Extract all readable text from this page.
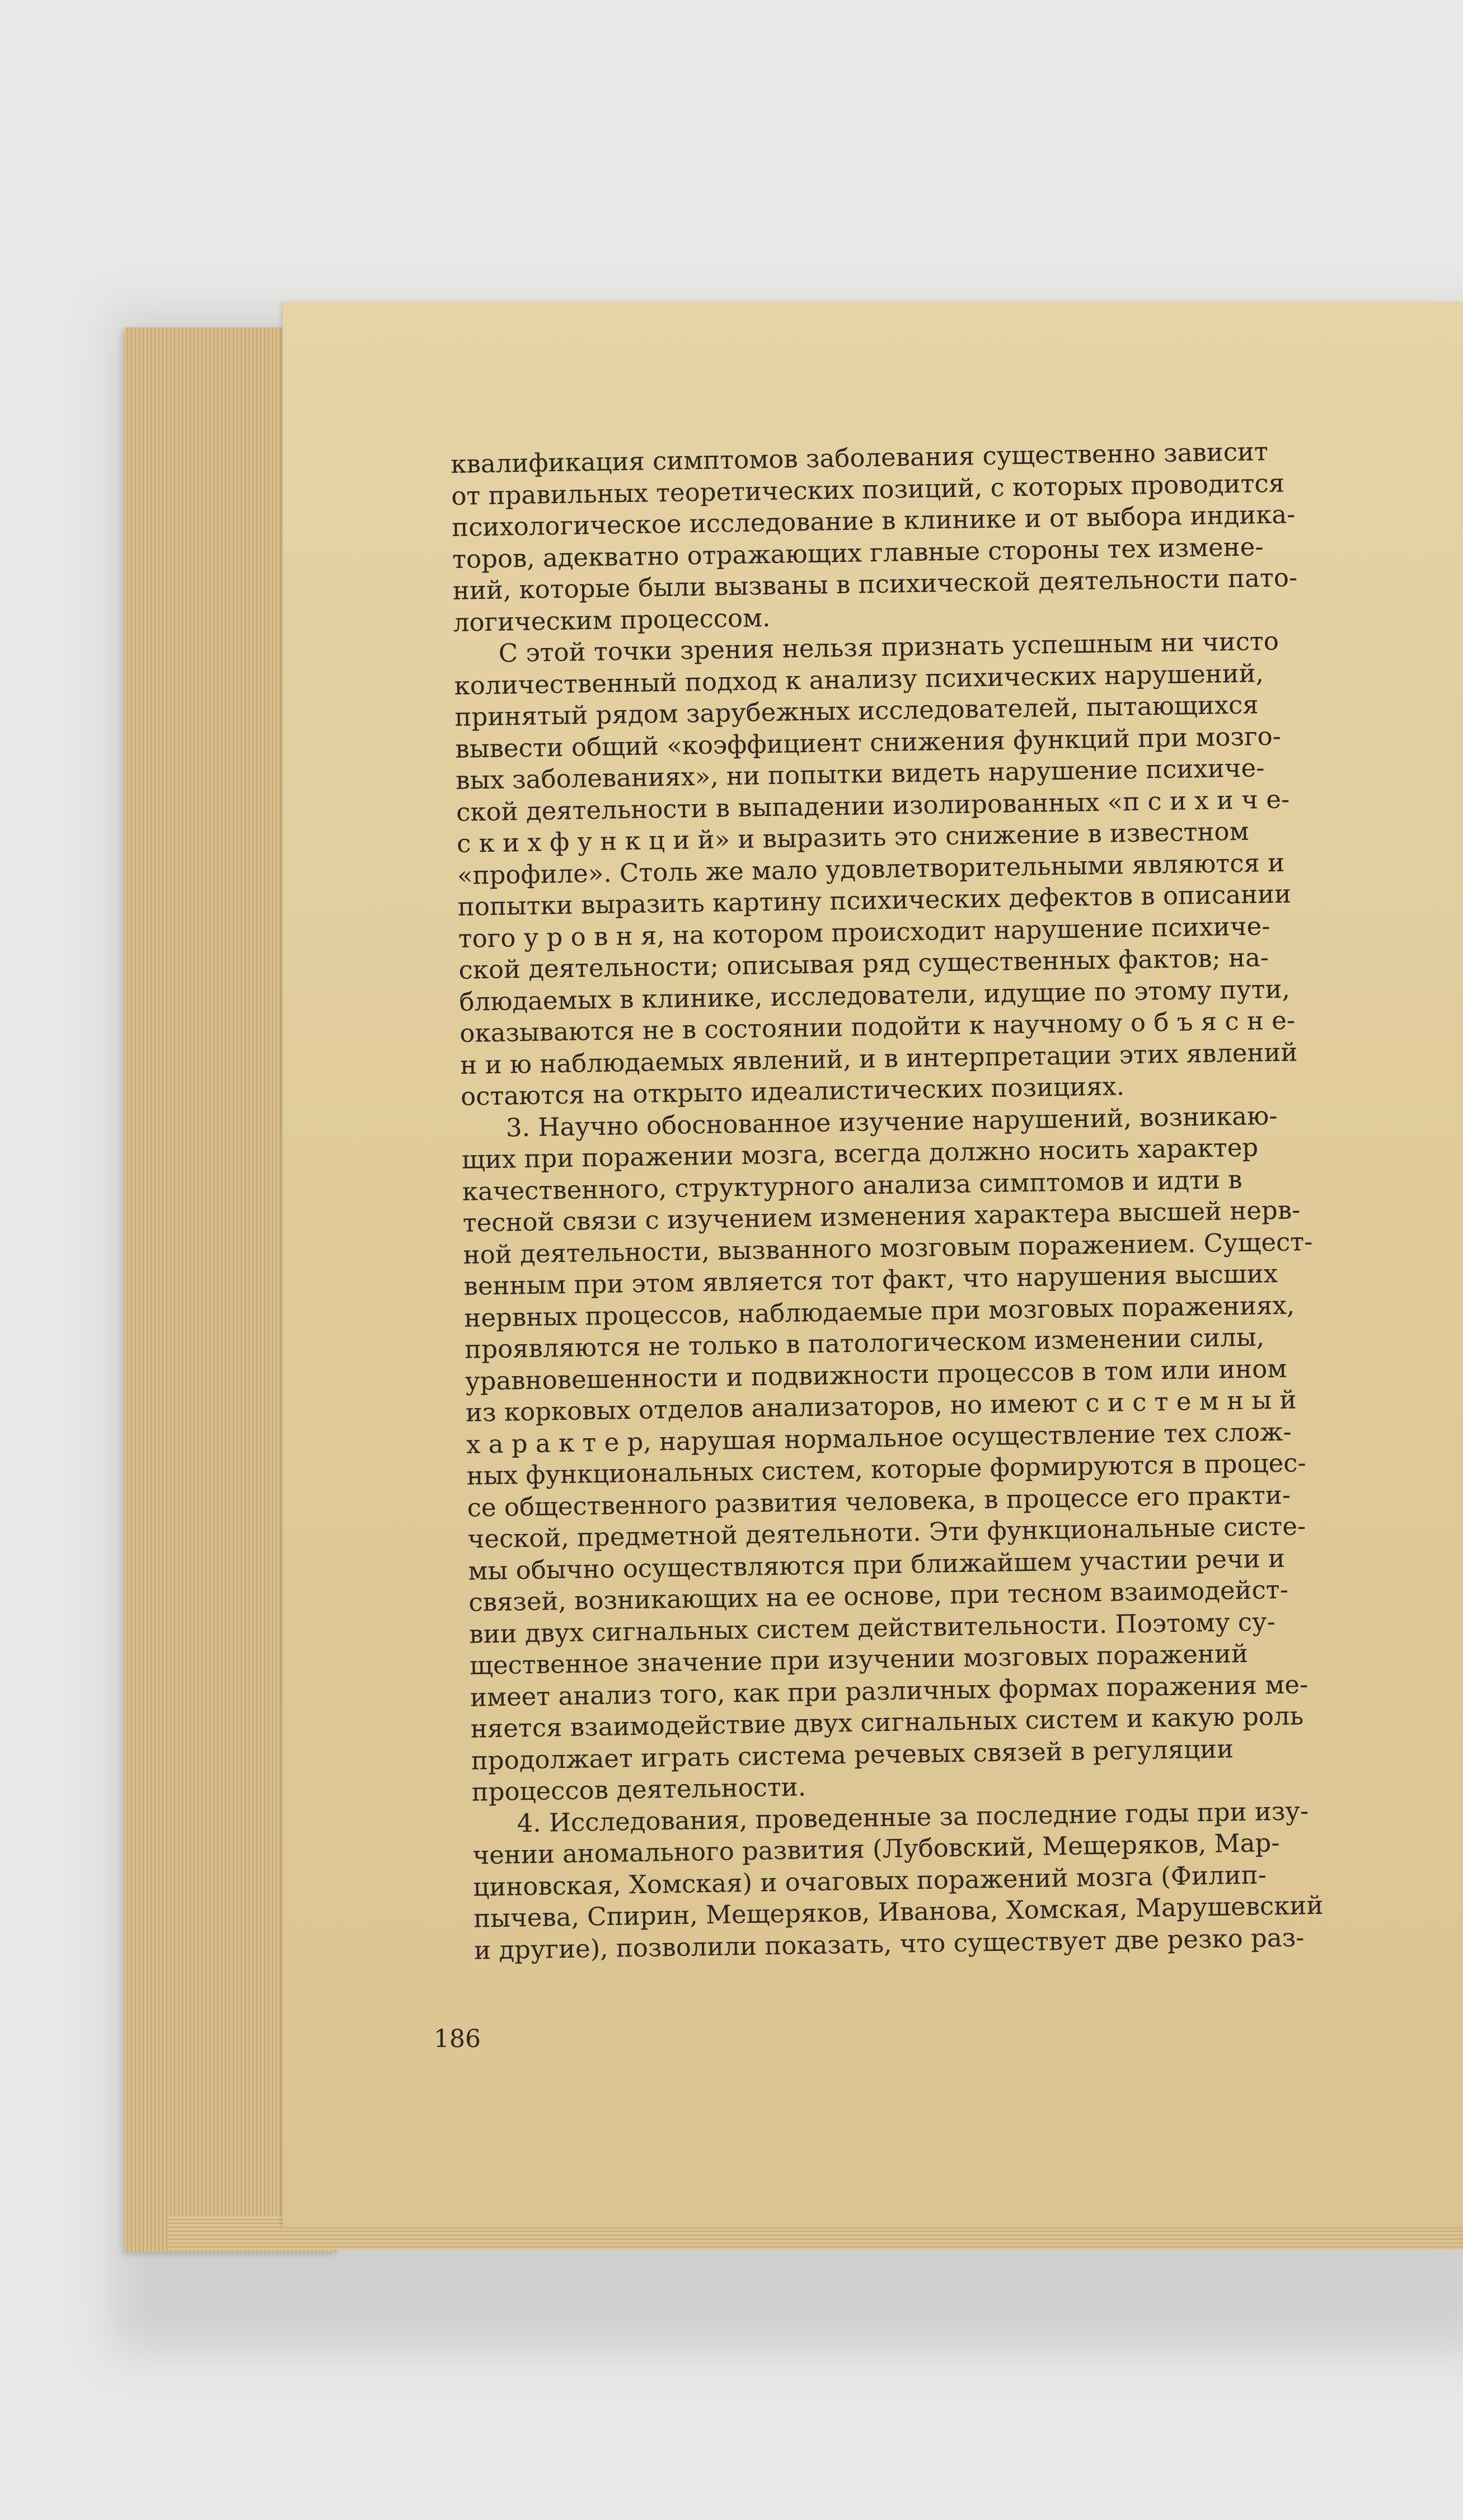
квалификация симптомов заболевания существенно зависит
от правильных теоретических позиций, с которых проводится
психологическое исследование в клинике и от выбора индика-
торов, адекватно отражающих главные стороны тех измене-
ний, которые были вызваны в психической деятельности пато-
логическим процессом.

С этой точки зрения нельзя признать успешным ни чисто
количественный подход к анализу психических нарушений,
принятый рядом зарубежных исследователей, пытающихся
вывести общий «коэффициент снижения функций при мозго-
вых заболеваниях», ни попытки видеть нарушение психиче-
ской деятельности в выпадении изолированных «п с и х и ч е-
с к и х ф у н к ц и й» и выразить это снижение в известном
«профиле». Столь же мало удовлетворительными являются и
попытки выразить картину психических дефектов в описании
того у р о в н я, на котором происходит нарушение психиче-
ской деятельности; описывая ряд существенных фактов; на-
блюдаемых в клинике, исследователи, идущие по этому пути,
оказываются не в состоянии подойти к научному о б ъ я с н е-
н и ю наблюдаемых явлений, и в интерпретации этих явлений
остаются на открыто идеалистических позициях.

3. Научно обоснованное изучение нарушений, возникаю-
щих при поражении мозга, всегда должно носить характер
качественного, структурного анализа симптомов и идти в
тесной связи с изучением изменения характера высшей нерв-
ной деятельности, вызванного мозговым поражением. Сущест-
венным при этом является тот факт, что нарушения высших
нервных процессов, наблюдаемые при мозговых поражениях,
проявляются не только в патологическом изменении силы,
уравновешенности и подвижности процессов в том или ином
из корковых отделов анализаторов, но имеют с и с т е м н ы й
х а р а к т е р, нарушая нормальное осуществление тех слож-
ных функциональных систем, которые формируются в процес-
се общественного развития человека, в процессе его практи-
ческой, предметной деятельноти. Эти функциональные систе-
мы обычно осуществляются при ближайшем участии речи и
связей, возникающих на ее основе, при тесном взаимодейст-
вии двух сигнальных систем действительности. Поэтому су-
щественное значение при изучении мозговых поражений
имеет анализ того, как при различных формах поражения ме-
няется взаимодействие двух сигнальных систем и какую роль
продолжает играть система речевых связей в регуляции
процессов деятельности.

4. Исследования, проведенные за последние годы при изу-
чении аномального развития (Лубовский, Мещеряков, Мар-
циновская, Хомская) и очаговых поражений мозга (Филип-
пычева, Спирин, Мещеряков, Иванова, Хомская, Марушевский
и другие), позволили показать, что существует две резко раз-

186
